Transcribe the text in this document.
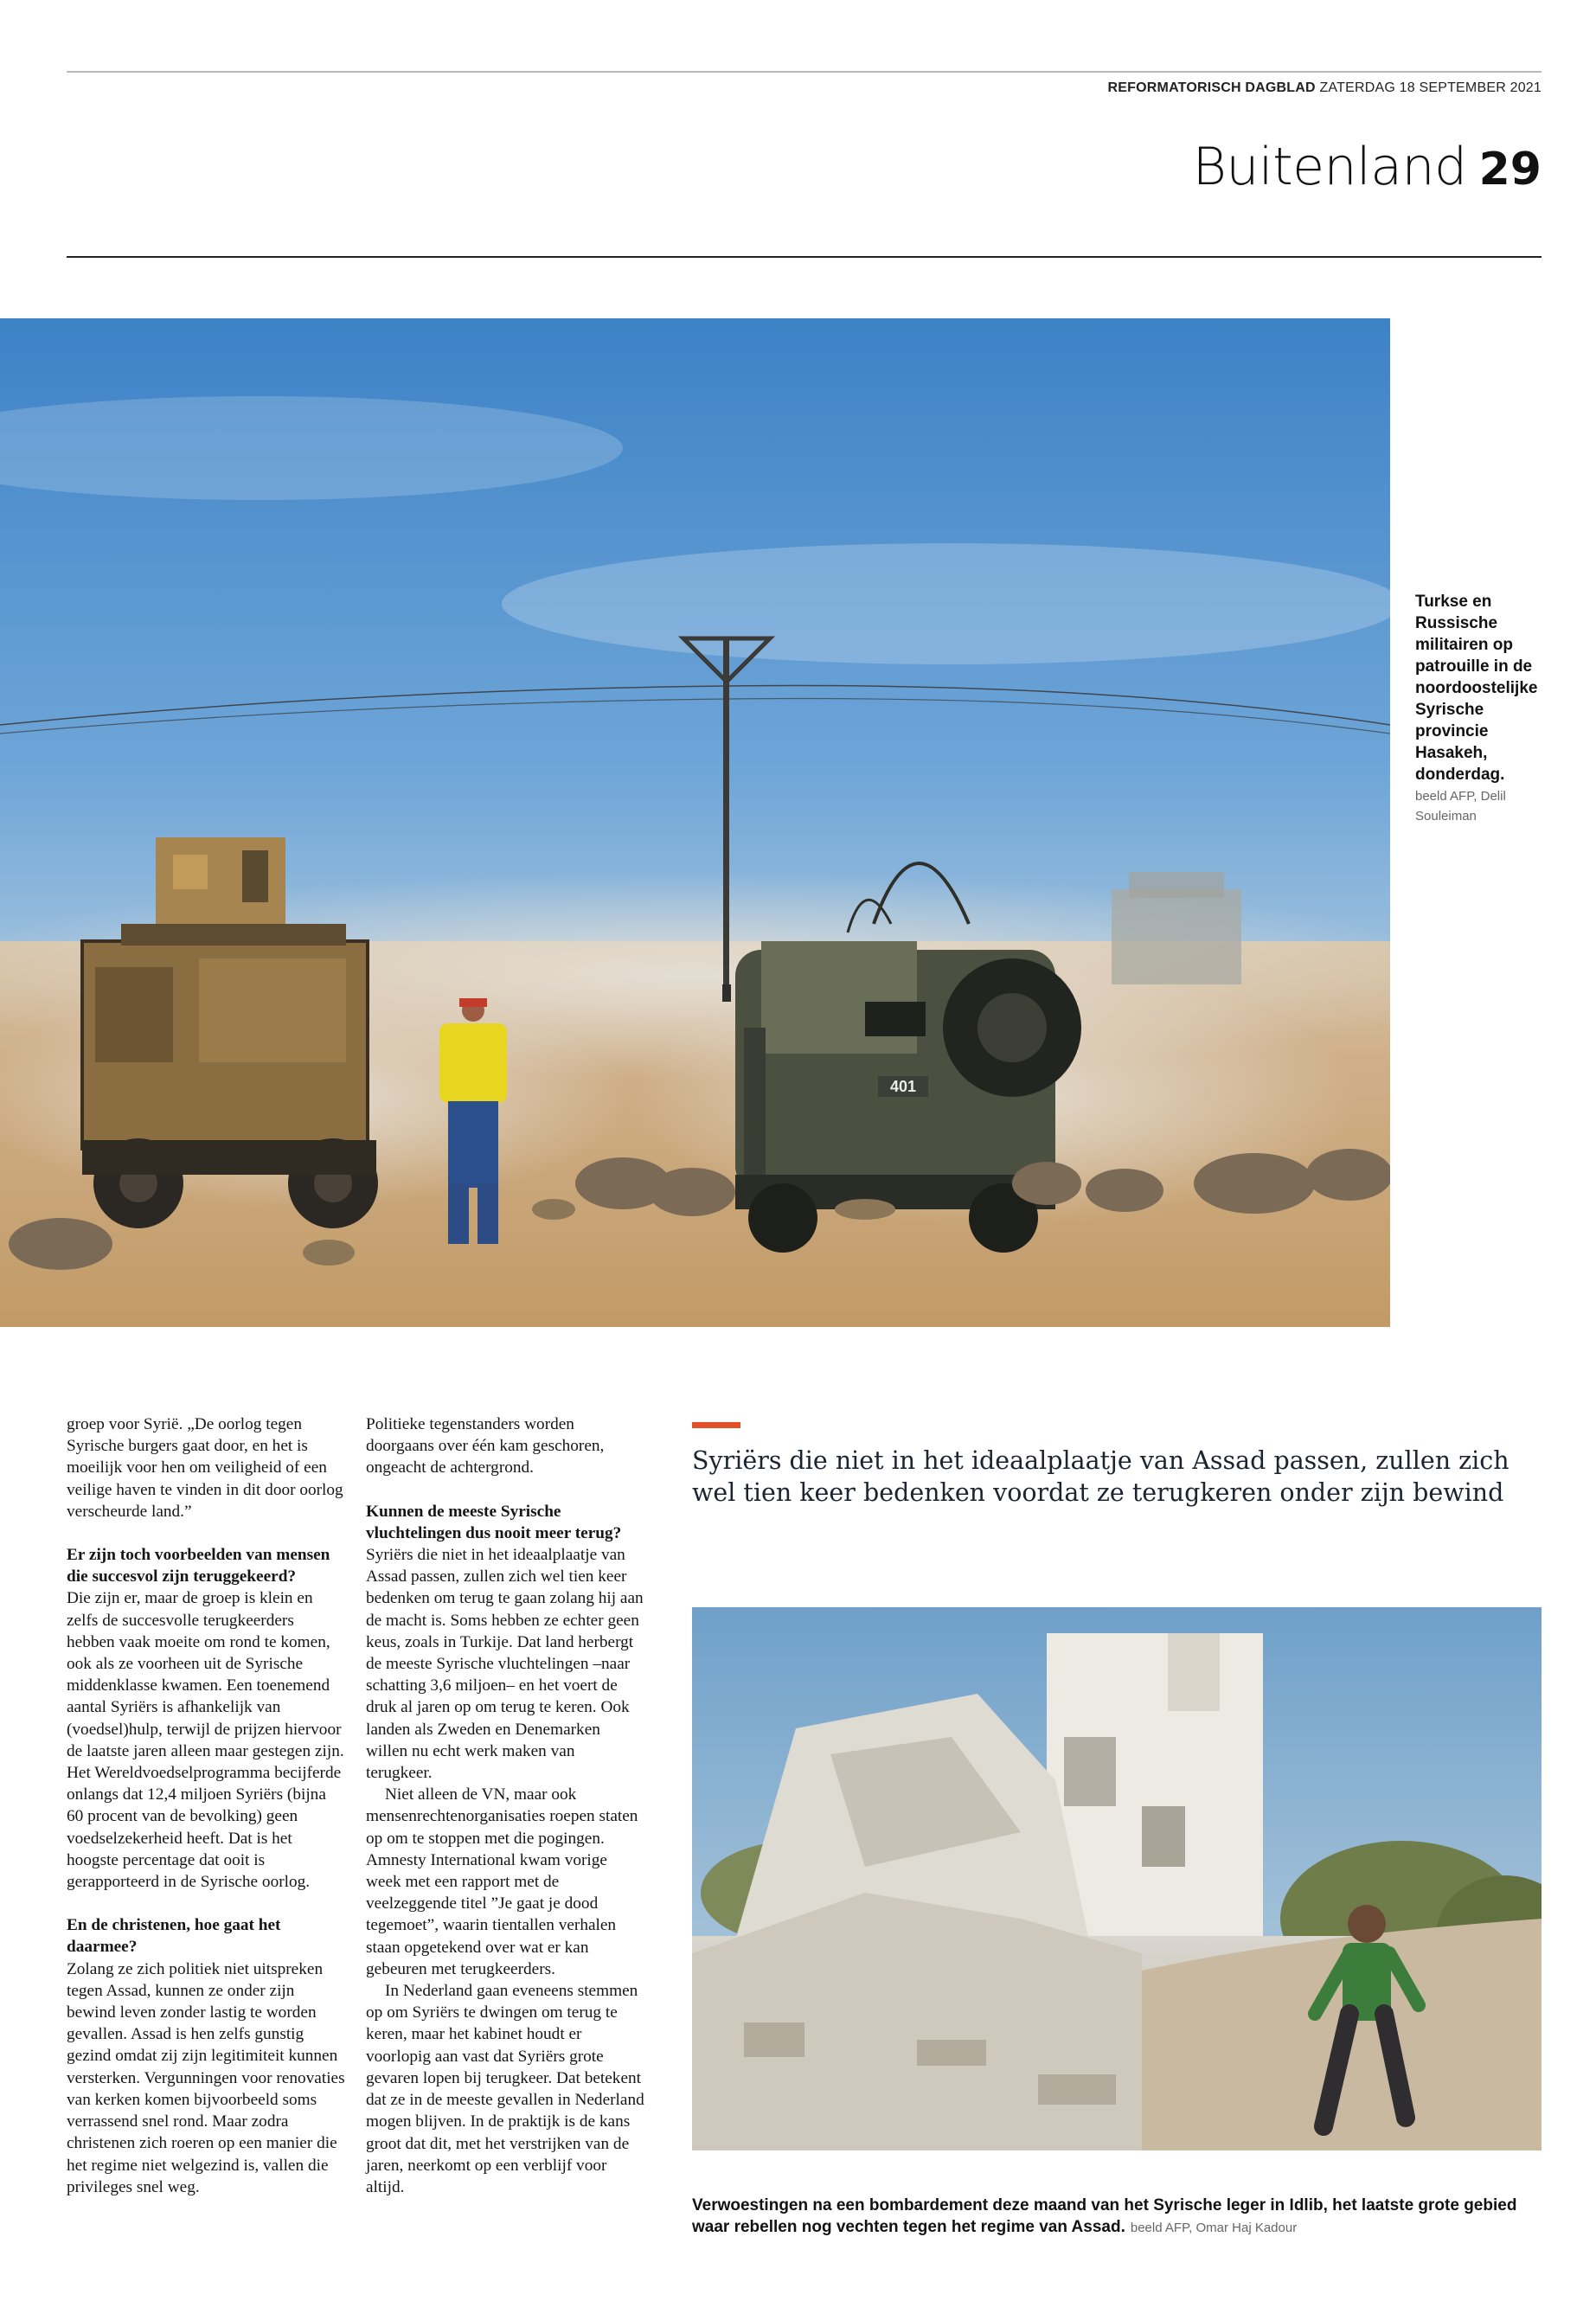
REFORMATORISCH DAGBLAD ZATERDAG 18 SEPTEMBER 2021
Buitenland 29
401
Turkse en Russische militairen op patrouille in de noordoostelijke Syrische provincie Hasakeh, donderdag.
beeld AFP, Delil Souleiman

groep voor Syrië. „De oorlog tegen Syrische burgers gaat door, en het is moeilijk voor hen om veiligheid of een veilige haven te vinden in dit door oorlog verscheurde land.”

Er zijn toch voorbeelden van mensen die succesvol zijn teruggekeerd?

Die zijn er, maar de groep is klein en zelfs de succesvolle terugkeerders hebben vaak moeite om rond te komen, ook als ze voorheen uit de Syrische middenklasse kwamen. Een toenemend aantal Syriërs is afhankelijk van (voedsel)hulp, terwijl de prijzen hiervoor de laatste jaren alleen maar gestegen zijn. Het Wereldvoedselprogramma becijferde onlangs dat 12,4 miljoen Syriërs (bijna 60 procent van de bevolking) geen voedselzekerheid heeft. Dat is het hoogste percentage dat ooit is gerapporteerd in de Syrische oorlog.

En de christenen, hoe gaat het daarmee?

Zolang ze zich politiek niet uitspreken tegen Assad, kunnen ze onder zijn bewind leven zonder lastig te worden gevallen. Assad is hen zelfs gunstig gezind omdat zij zijn legitimiteit kunnen versterken. Vergunningen voor renovaties van kerken komen bijvoorbeeld soms verrassend snel rond. Maar zodra christenen zich roeren op een manier die het regime niet welgezind is, vallen die privileges snel weg.

Politieke tegenstanders worden doorgaans over één kam geschoren, ongeacht de achtergrond.

Kunnen de meeste Syrische vluchtelingen dus nooit meer terug?

Syriërs die niet in het ideaalplaatje van Assad passen, zullen zich wel tien keer bedenken om terug te gaan zolang hij aan de macht is. Soms hebben ze echter geen keus, zoals in Turkije. Dat land herbergt de meeste Syrische vluchtelingen –naar schatting 3,6 miljoen– en het voert de druk al jaren op om terug te keren. Ook landen als Zweden en Denemarken willen nu echt werk maken van terugkeer.

Niet alleen de VN, maar ook mensenrechtenorganisaties roepen staten op om te stoppen met die pogingen. Amnesty International kwam vorige week met een rapport met de veelzeggende titel ”Je gaat je dood tegemoet”, waarin tientallen verhalen staan opgetekend over wat er kan gebeuren met terugkeerders.

In Nederland gaan eveneens stemmen op om Syriërs te dwingen om terug te keren, maar het kabinet houdt er voorlopig aan vast dat Syriërs grote gevaren lopen bij terugkeer. Dat betekent dat ze in de meeste gevallen in Nederland mogen blijven. In de praktijk is de kans groot dat dit, met het verstrijken van de jaren, neerkomt op een verblijf voor altijd.

Syriërs die niet in het ideaalplaatje van Assad passen, zullen zich wel tien keer bedenken voordat ze terugkeren onder zijn bewind
Verwoestingen na een bombardement deze maand van het Syrische leger in Idlib, het laatste grote gebied waar rebellen nog vechten tegen het regime van Assad. beeld AFP, Omar Haj Kadour
